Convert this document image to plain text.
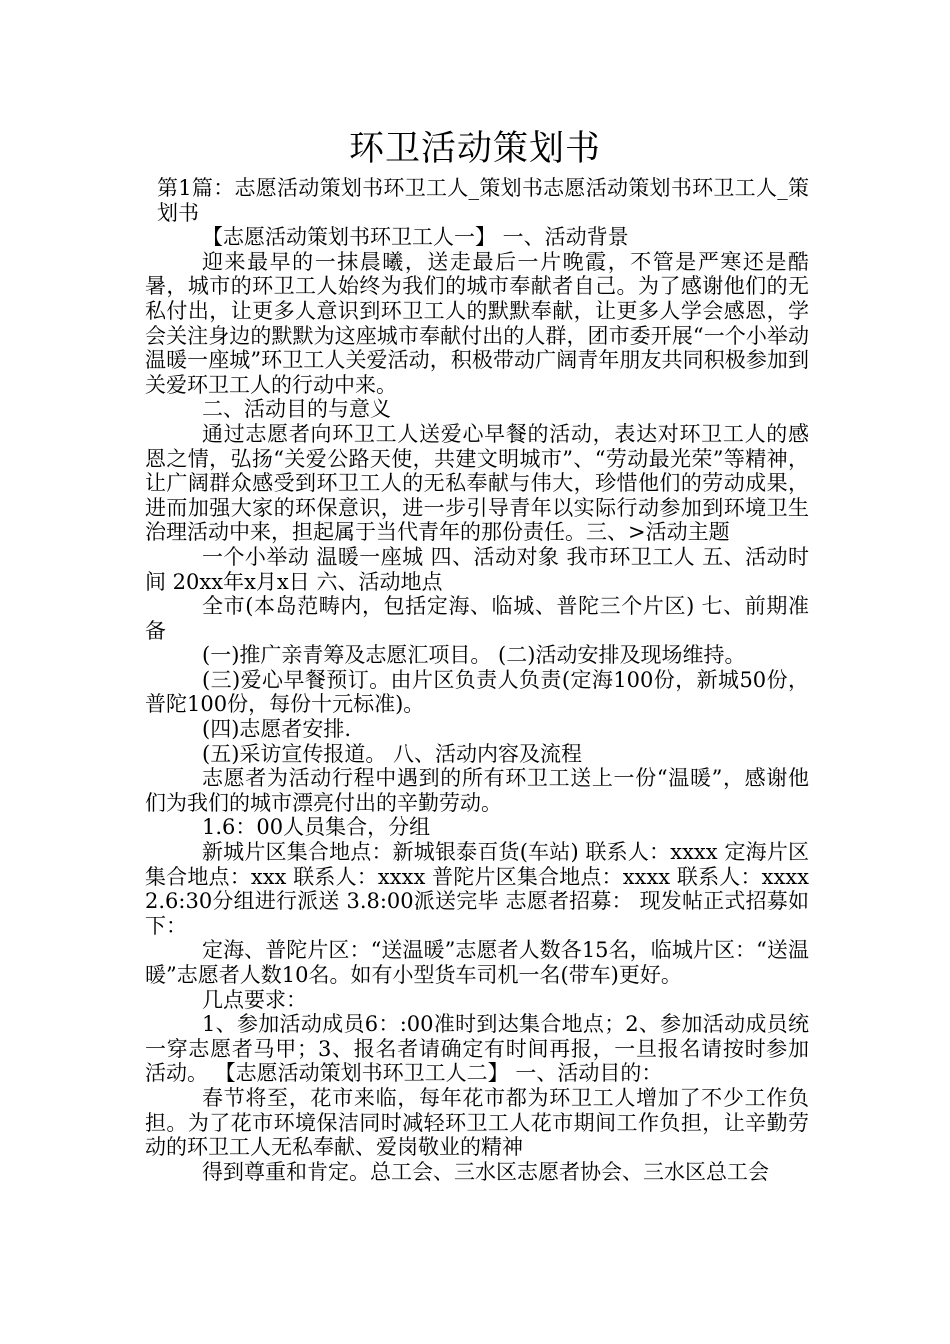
环卫活动策划书

第1篇：志愿活动策划书环卫工人_策划书志愿活动策划书环卫工人_策划书

【志愿活动策划书环卫工人一】 一、活动背景

迎来最早的一抹晨曦，送走最后一片晚霞，不管是严寒还是酷暑，城市的环卫工人始终为我们的城市奉献者自己。为了感谢他们的无私付出，让更多人意识到环卫工人的默默奉献，让更多人学会感恩，学会关注身边的默默为这座城市奉献付出的人群，团市委开展“一个小举动温暖一座城”环卫工人关爱活动，积极带动广阔青年朋友共同积极参加到关爱环卫工人的行动中来。

二、活动目的与意义

通过志愿者向环卫工人送爱心早餐的活动，表达对环卫工人的感恩之情，弘扬“关爱公路天使，共建文明城市”、“劳动最光荣”等精神，让广阔群众感受到环卫工人的无私奉献与伟大，珍惜他们的劳动成果，进而加强大家的环保意识，进一步引导青年以实际行动参加到环境卫生治理活动中来，担起属于当代青年的那份责任。三、>活动主题

一个小举动 温暖一座城 四、活动对象 我市环卫工人 五、活动时间 20xx年x月x日 六、活动地点

全市(本岛范畴内，包括定海、临城、普陀三个片区) 七、前期准备

(一)推广亲青筹及志愿汇项目。 (二)活动安排及现场维持。

(三)爱心早餐预订。由片区负责人负责(定海100份，新城50份，普陀100份，每份十元标准)。

(四)志愿者安排.

(五)采访宣传报道。 八、活动内容及流程

志愿者为活动行程中遇到的所有环卫工送上一份“温暖”，感谢他们为我们的城市漂亮付出的辛勤劳动。

1.6：00人员集合，分组

新城片区集合地点：新城银泰百货(车站) 联系人：xxxx 定海片区集合地点：xxx 联系人：xxxx 普陀片区集合地点：xxxx 联系人：xxxx 2.6:30分组进行派送 3.8:00派送完毕 志愿者招募： 现发帖正式招募如下：

定海、普陀片区：“送温暖”志愿者人数各15名，临城片区：“送温暖”志愿者人数10名。如有小型货车司机一名(带车)更好。

几点要求：

1、参加活动成员6：:00准时到达集合地点；2、参加活动成员统一穿志愿者马甲；3、报名者请确定有时间再报，一旦报名请按时参加活动。 【志愿活动策划书环卫工人二】 一、活动目的：

春节将至，花市来临，每年花市都为环卫工人增加了不少工作负担。为了花市环境保洁同时减轻环卫工人花市期间工作负担，让辛勤劳动的环卫工人无私奉献、爱岗敬业的精神

得到尊重和肯定。总工会、三水区志愿者协会、三水区总工会
